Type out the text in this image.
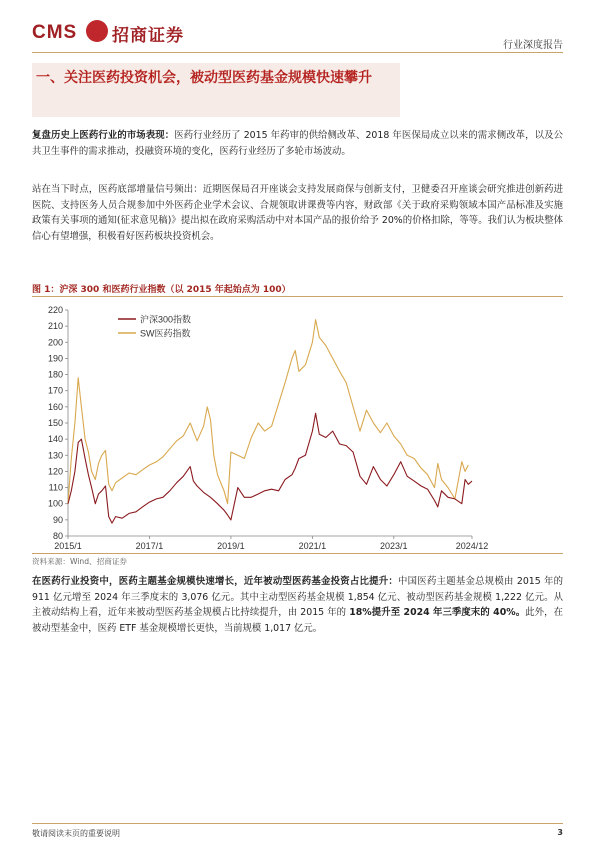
CMS 招商证券	行业深度报告
一、关注医药投资机会，被动型医药基金规模快速攀升

复盘历史上医药行业的市场表现：医药行业经历了 2015 年药审的供给侧改革、2018 年医保局成立以来的需求侧改革，以及公共卫生事件的需求推动，投融资环境的变化，医药行业经历了多轮市场波动。

站在当下时点，医药底部增量信号频出：近期医保局召开座谈会支持发展商保与创新支付，卫健委召开座谈会研究推进创新药进医院、支持医务人员合规参加中外医药企业学术会议、合规领取讲课费等内容，财政部《关于政府采购领域本国产品标准及实施政策有关事项的通知(征求意见稿)》提出拟在政府采购活动中对本国产品的报价给予 20%的价格扣除，等等。我们认为板块整体信心有望增强，积极看好医药板块投资机会。

图 1：沪深 300 和医药行业指数（以 2015 年起始点为 100）
80
90
100
110
120
130
140
150
160
170
180
190
200
210
220
2015/1	2017/1	2019/1	2021/1	2023/1	2024/12
沪深300指数
SW医药指数
资料来源：Wind、招商证券

在医药行业投资中，医药主题基金规模快速增长，近年被动型医药基金投资占比提升：中国医药主题基金总规模由 2015 年的 911 亿元增至 2024 年三季度末的 3,076 亿元。其中主动型医药基金规模 1,854 亿元、被动型医药基金规模 1,222 亿元。从主被动结构上看，近年来被动型医药基金规模占比持续提升，由 2015 年的 18%提升至 2024 年三季度末的 40%。此外，在被动型基金中，医药 ETF 基金规模增长更快，当前规模 1,017 亿元。

敬请阅读末页的重要说明	3
